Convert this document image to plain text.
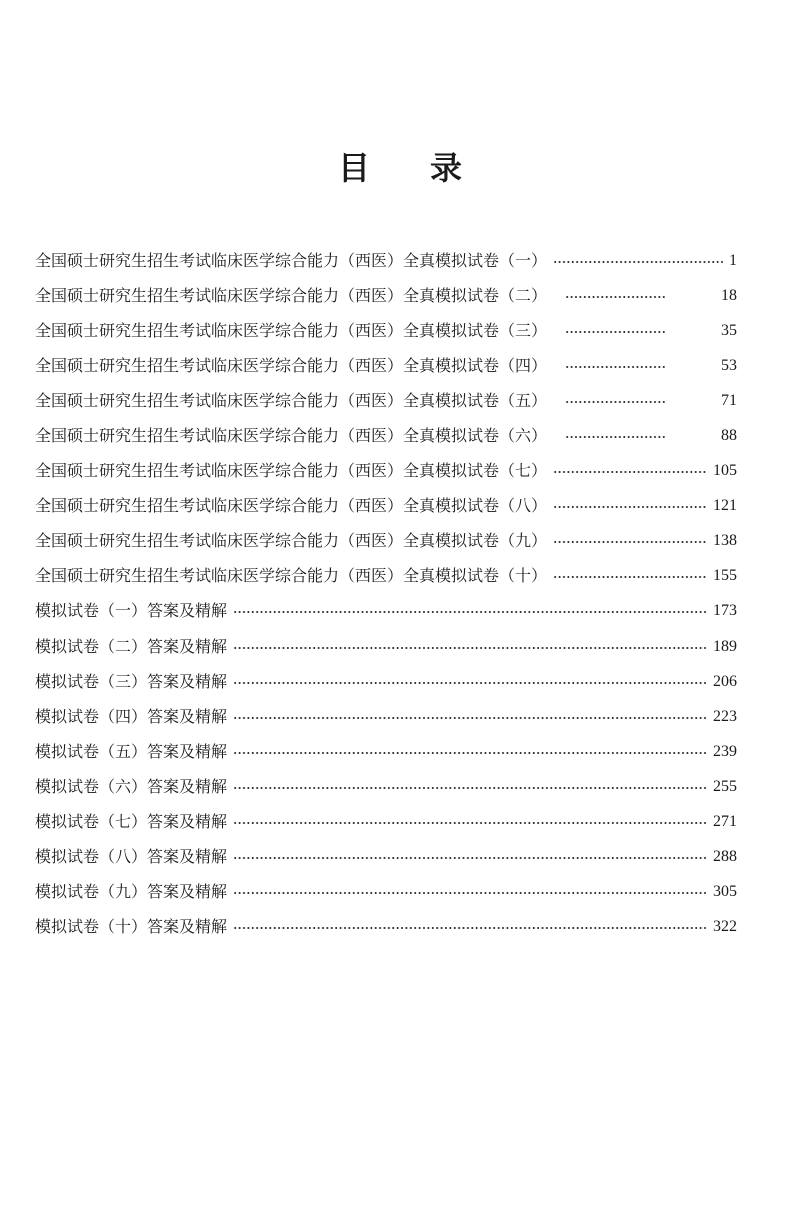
目 录
全国硕士研究生招生考试临床医学综合能力（西医）全真模拟试卷（一）	1
全国硕士研究生招生考试临床医学综合能力（西医）全真模拟试卷（二）	18
全国硕士研究生招生考试临床医学综合能力（西医）全真模拟试卷（三）	35
全国硕士研究生招生考试临床医学综合能力（西医）全真模拟试卷（四）	53
全国硕士研究生招生考试临床医学综合能力（西医）全真模拟试卷（五）	71
全国硕士研究生招生考试临床医学综合能力（西医）全真模拟试卷（六）	88
全国硕士研究生招生考试临床医学综合能力（西医）全真模拟试卷（七）	105
全国硕士研究生招生考试临床医学综合能力（西医）全真模拟试卷（八）	121
全国硕士研究生招生考试临床医学综合能力（西医）全真模拟试卷（九）	138
全国硕士研究生招生考试临床医学综合能力（西医）全真模拟试卷（十）	155
模拟试卷（一）答案及精解	173
模拟试卷（二）答案及精解	189
模拟试卷（三）答案及精解	206
模拟试卷（四）答案及精解	223
模拟试卷（五）答案及精解	239
模拟试卷（六）答案及精解	255
模拟试卷（七）答案及精解	271
模拟试卷（八）答案及精解	288
模拟试卷（九）答案及精解	305
模拟试卷（十）答案及精解	322
